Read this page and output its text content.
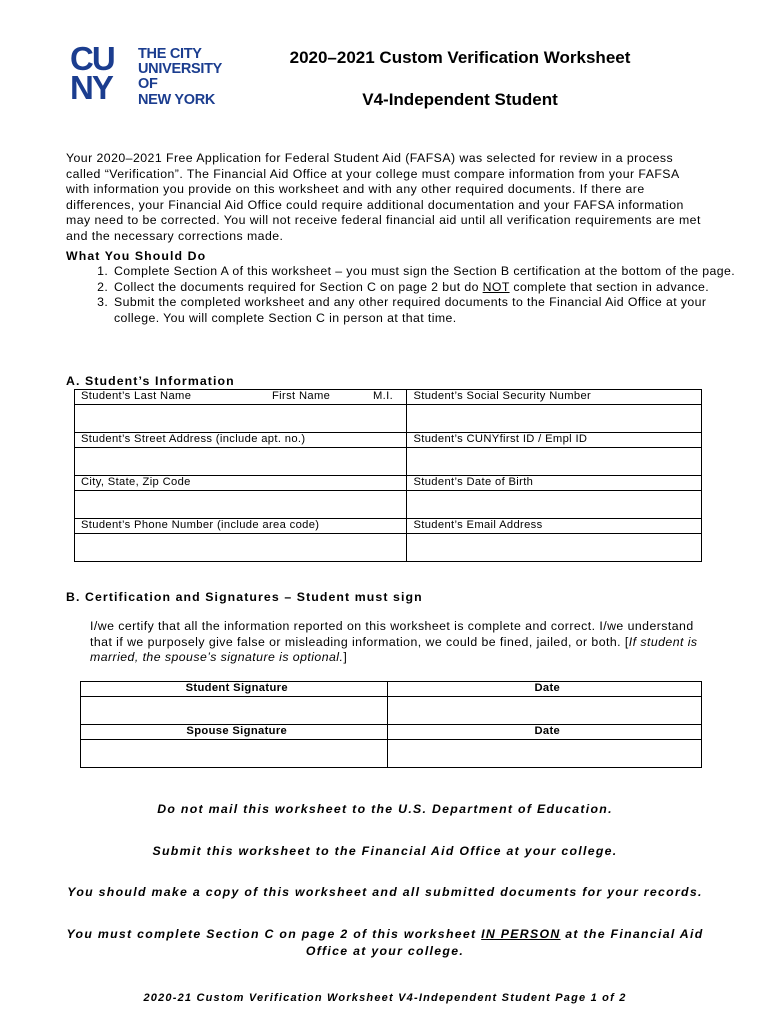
CU
NY
THE CITY
UNIVERSITY
OF
NEW YORK
2020–2021 Custom Verification Worksheet
V4-Independent Student
Your 2020–2021 Free Application for Federal Student Aid (FAFSA) was selected for review in a process called “Verification”. The Financial Aid Office at your college must compare information from your FAFSA with information you provide on this worksheet and with any other required documents. If there are differences, your Financial Aid Office could require additional documentation and your FAFSA information may need to be corrected. You will not receive federal financial aid until all verification requirements are met and the necessary corrections made.
What You Should Do
1. Complete Section A of this worksheet – you must sign the Section B certification at the bottom of the page.
2. Collect the documents required for Section C on page 2 but do NOT complete that section in advance.
3. Submit the completed worksheet and any other required documents to the Financial Aid Office at your college. You will complete Section C in person at that time.
A. Student’s Information
Student’s Last Name First Name M.I.	Student’s Social Security Number

Student’s Street Address (include apt. no.)	Student’s CUNYfirst ID / Empl ID

City, State, Zip Code	Student’s Date of Birth

Student’s Phone Number (include area code)	Student’s Email Address

B. Certification and Signatures – Student must sign
I/we certify that all the information reported on this worksheet is complete and correct. I/we understand that if we purposely give false or misleading information, we could be fined, jailed, or both. [If student is married, the spouse’s signature is optional.]
Student Signature	Date

Spouse Signature	Date

Do not mail this worksheet to the U.S. Department of Education.
Submit this worksheet to the Financial Aid Office at your college.
You should make a copy of this worksheet and all submitted documents for your records.
You must complete Section C on page 2 of this worksheet IN PERSON at the Financial Aid Office at your college.
2020-21 Custom Verification Worksheet V4-Independent Student Page 1 of 2
